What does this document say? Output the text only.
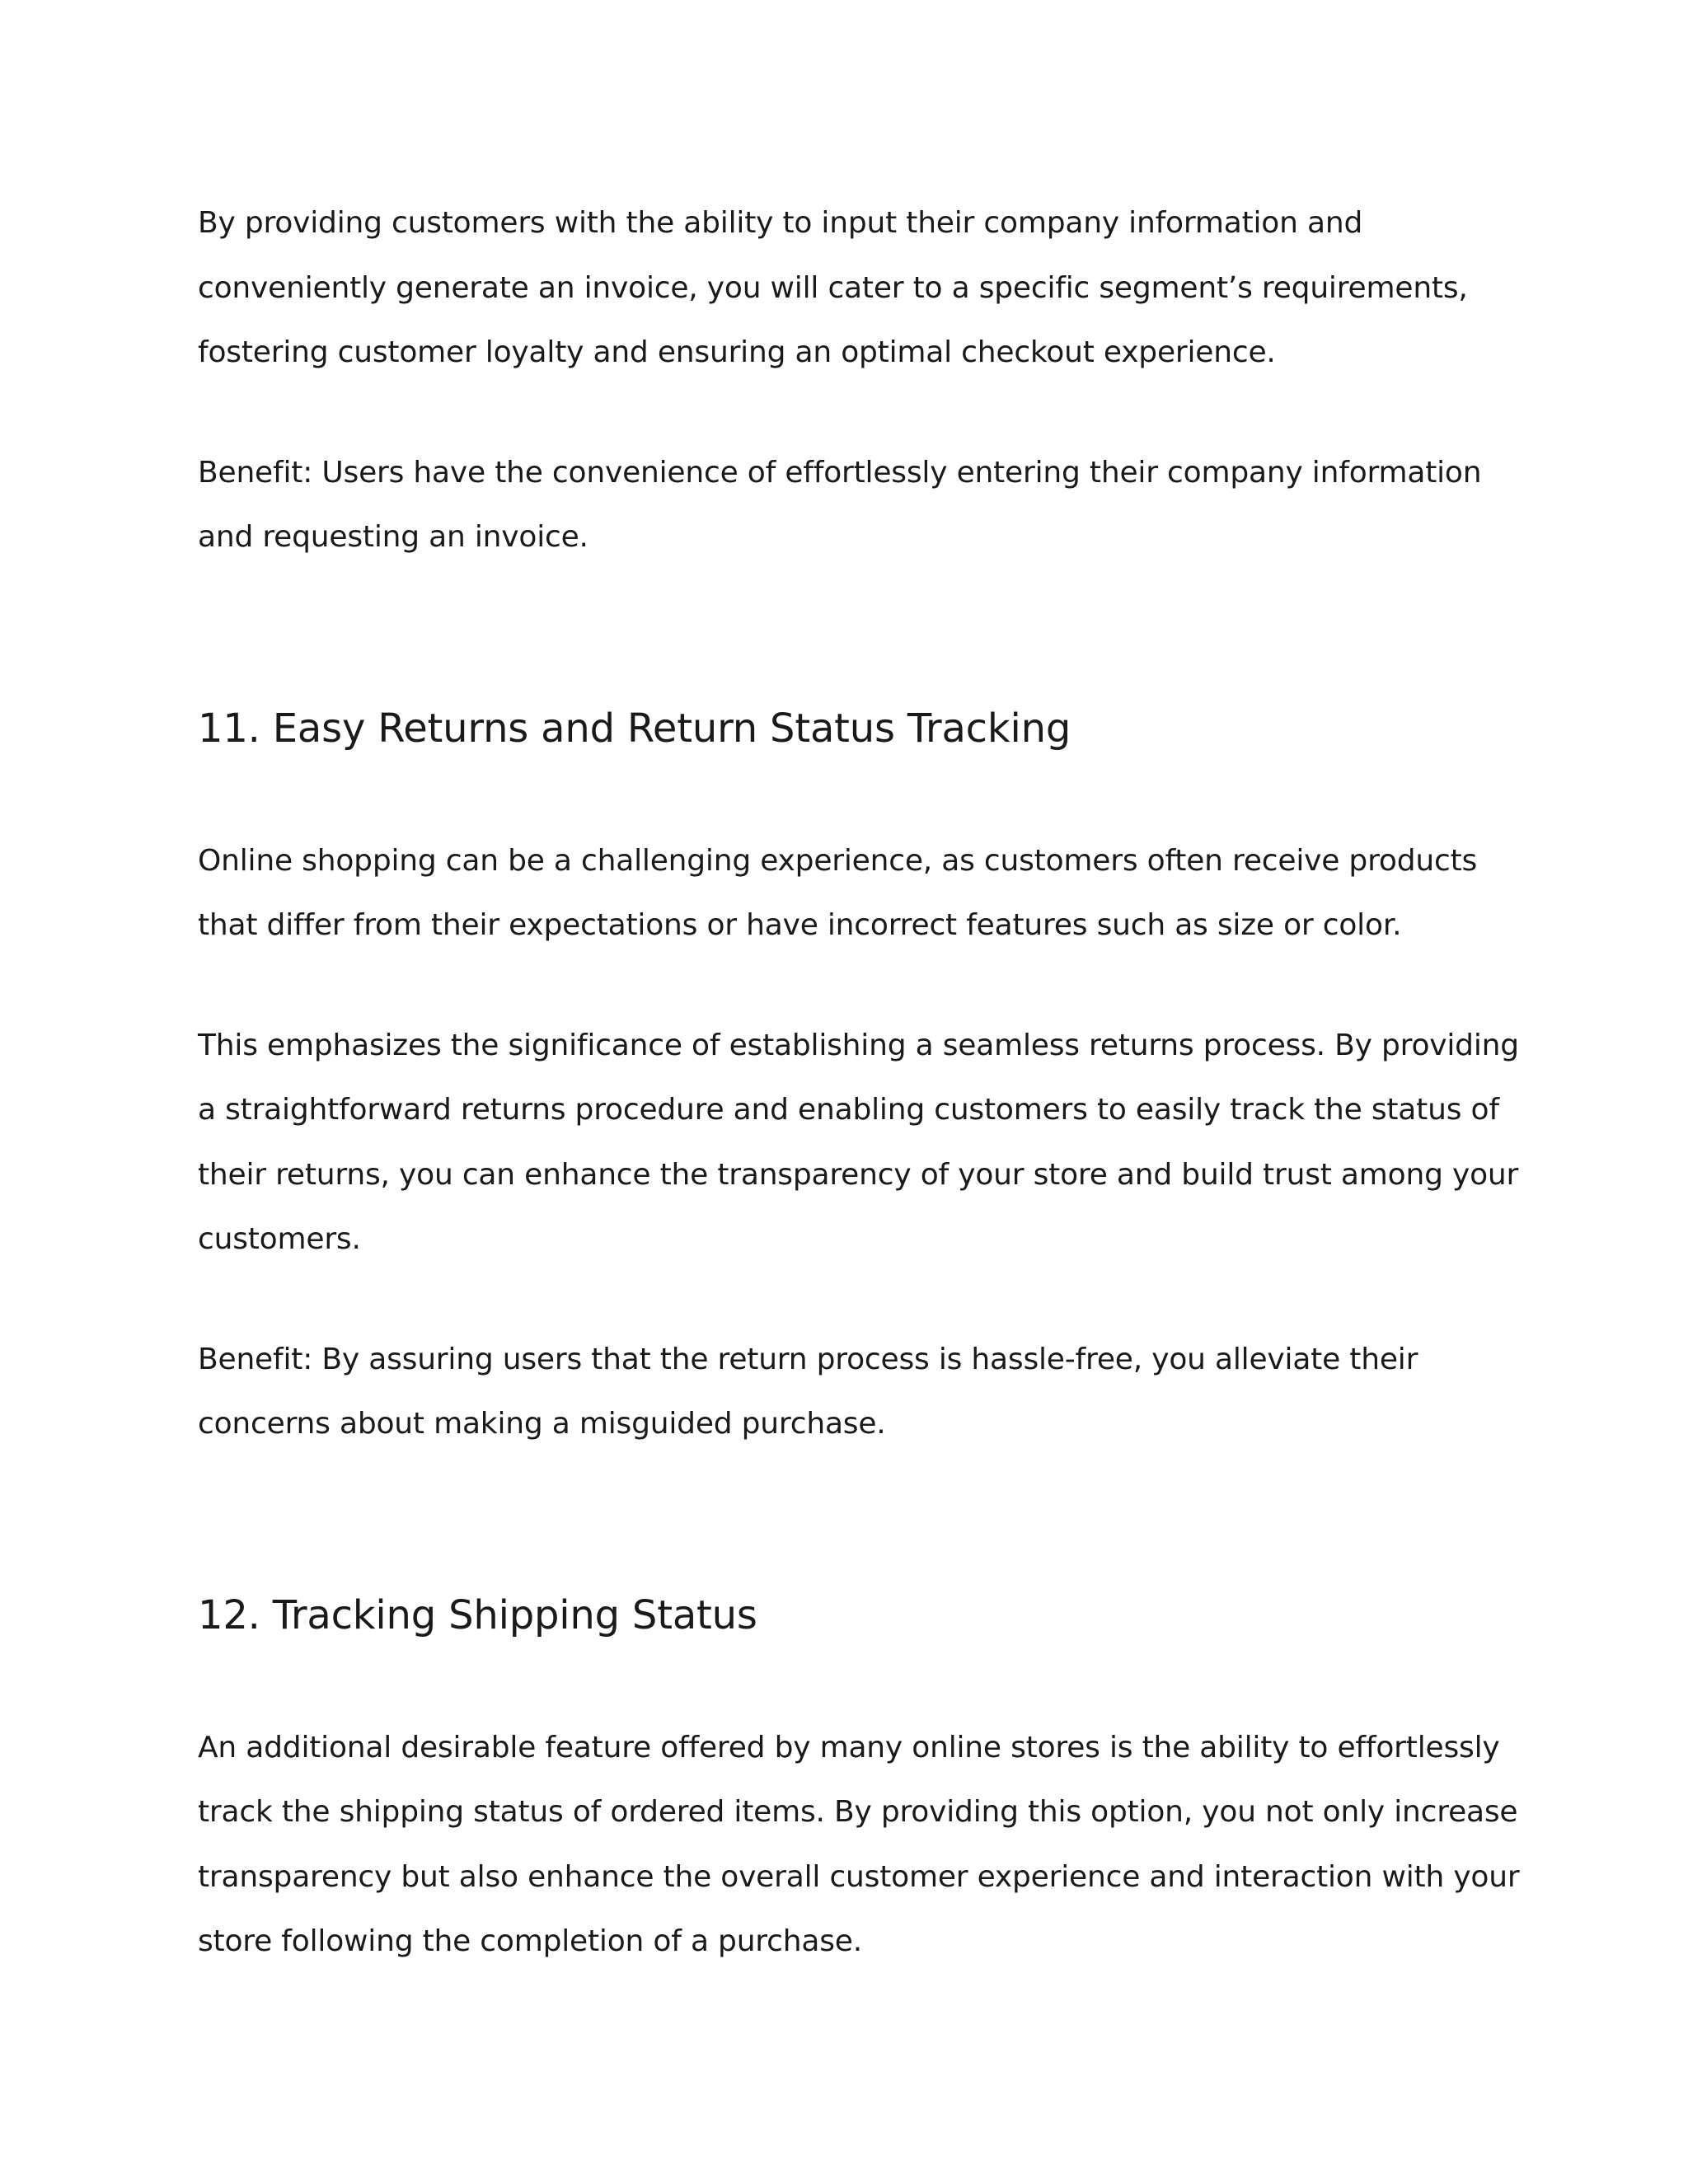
By providing customers with the ability to input their company information and conveniently generate an invoice, you will cater to a specific segment’s requirements, fostering customer loyalty and ensuring an optimal checkout experience.

Benefit: Users have the convenience of effortlessly entering their company information and requesting an invoice.

11. Easy Returns and Return Status Tracking

Online shopping can be a challenging experience, as customers often receive products that differ from their expectations or have incorrect features such as size or color.

This emphasizes the significance of establishing a seamless returns process. By providing a straightforward returns procedure and enabling customers to easily track the status of their returns, you can enhance the transparency of your store and build trust among your customers.

Benefit: By assuring users that the return process is hassle-free, you alleviate their concerns about making a misguided purchase.

12. Tracking Shipping Status

An additional desirable feature offered by many online stores is the ability to effortlessly track the shipping status of ordered items. By providing this option, you not only increase transparency but also enhance the overall customer experience and interaction with your store following the completion of a purchase.
